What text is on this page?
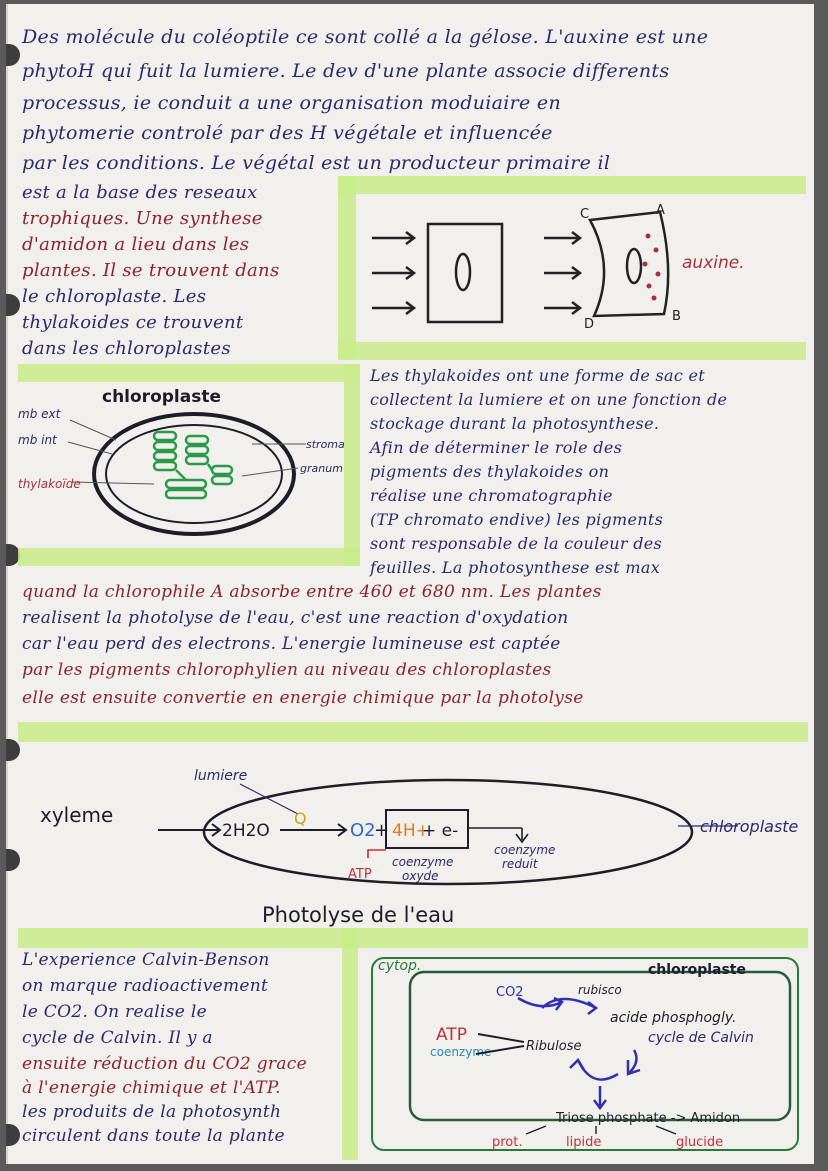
Des molécule du coléoptile ce sont collé a la gélose. L'auxine est une
phytoH qui fuit la lumiere. Le dev d'une plante associe differents
processus, ie conduit a une organisation moduiaire en
phytomerie controlé par des H végétale et influencée
par les conditions. Le végétal est un producteur primaire il
est a la base des reseaux
trophiques. Une synthese
d'amidon a lieu dans les
plantes. Il se trouvent dans
le chloroplaste. Les
thylakoides ce trouvent
dans les chloroplastes
C	A
D
B
auxine.
chloroplaste
mb ext
mb int
thylakoïde
stroma
granum
Les thylakoides ont une forme de sac et
collectent la lumiere et on une fonction de
stockage durant la photosynthese.
Afin de déterminer le role des
pigments des thylakoides on
réalise une chromatographie
(TP chromato endive) les pigments
sont responsable de la couleur des
feuilles. La photosynthese est max
quand la chlorophile A absorbe entre 460 et 680 nm. Les plantes
realisent la photolyse de l'eau, c'est une reaction d'oxydation
car l'eau perd des electrons. L'energie lumineuse est captée
par les pigments chlorophylien au niveau des chloroplastes
elle est ensuite convertie en energie chimique par la photolyse
lumiere
Q
xyleme
2H2O	O2
+ 4H+
+ e-
ATP
coenzyme
oxyde
coenzyme
reduit
chloroplaste
Photolyse de l'eau
L'experience Calvin-Benson
on marque radioactivement
le CO2. On realise le
cycle de Calvin. Il y a
ensuite réduction du CO2 grace
à l'energie chimique et l'ATP.
les produits de la photosynth
circulent dans toute la plante
cytop.	chloroplaste
CO2	rubisco
acide phosphogly.
cycle de Calvin
ATP
coenzyme	Ribulose
Triose phosphate -> Amidon
prot.	lipide	glucide
